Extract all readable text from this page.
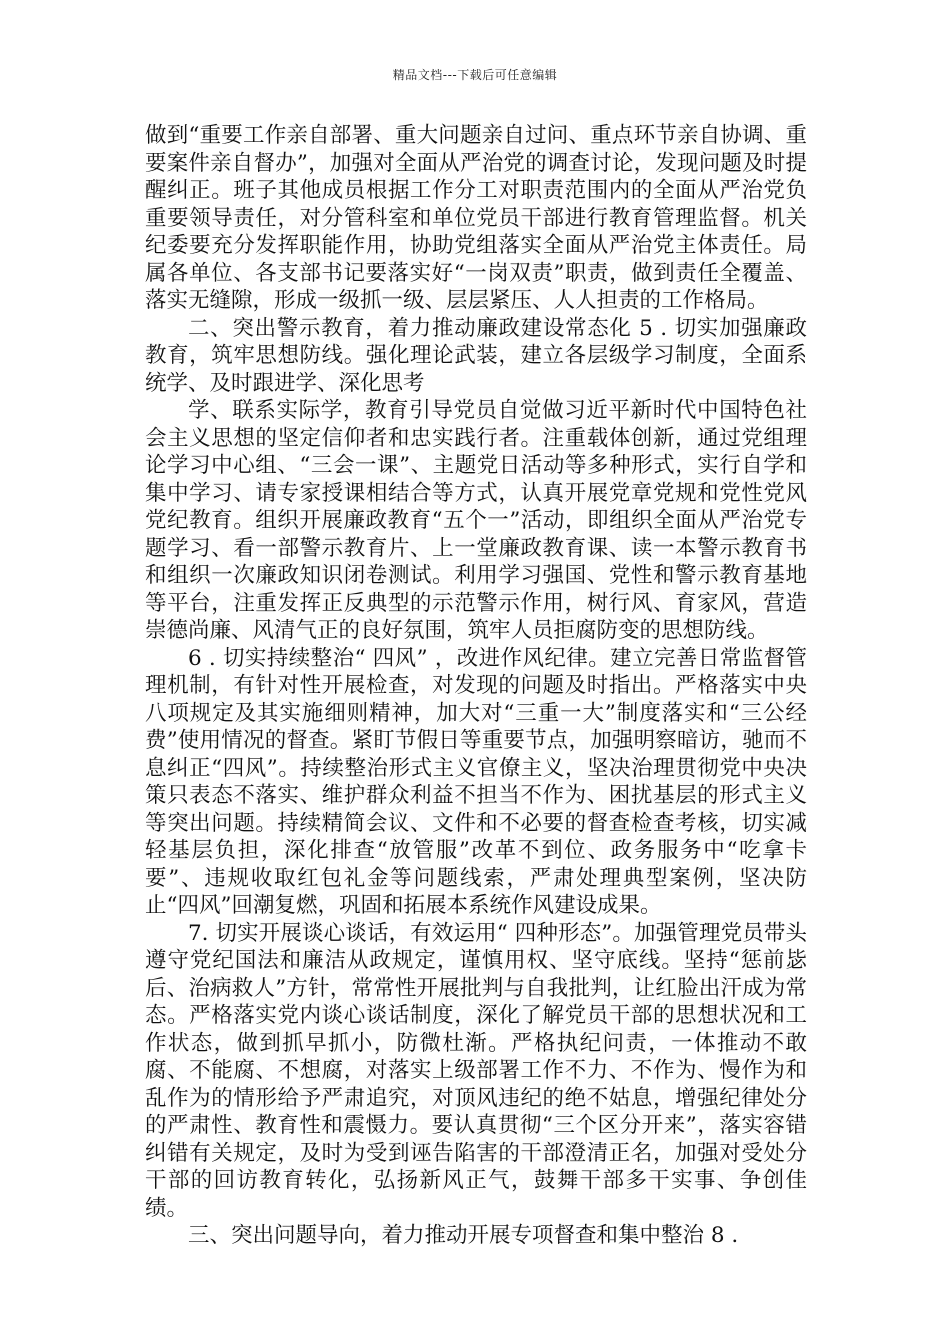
精品文档---下载后可任意编辑

做到“重要工作亲自部署、重大问题亲自过问、重点环节亲自协调、重要案件亲自督办”，加强对全面从严治党的调查讨论，发现问题及时提醒纠正。班子其他成员根据工作分工对职责范围内的全面从严治党负重要领导责任，对分管科室和单位党员干部进行教育管理监督。机关纪委要充分发挥职能作用，协助党组落实全面从严治党主体责任。局属各单位、各支部书记要落实好“一岗双责”职责，做到责任全覆盖、落实无缝隙，形成一级抓一级、层层紧压、人人担责的工作格局。

二、突出警示教育，着力推动廉政建设常态化 5 . 切实加强廉政教育，筑牢思想防线。强化理论武装，建立各层级学习制度，全面系统学、及时跟进学、深化思考

学、联系实际学，教育引导党员自觉做习近平新时代中国特色社会主义思想的坚定信仰者和忠实践行者。注重载体创新，通过党组理论学习中心组、“三会一课”、主题党日活动等多种形式，实行自学和集中学习、请专家授课相结合等方式，认真开展党章党规和党性党风党纪教育。组织开展廉政教育“五个一”活动，即组织全面从严治党专题学习、看一部警示教育片、上一堂廉政教育课、读一本警示教育书和组织一次廉政知识闭卷测试。利用学习强国、党性和警示教育基地等平台，注重发挥正反典型的示范警示作用，树行风、育家风，营造崇德尚廉、风清气正的良好氛围，筑牢人员拒腐防变的思想防线。

6 . 切实持续整治“ 四风” ，改进作风纪律。建立完善日常监督管理机制，有针对性开展检查，对发现的问题及时指出。严格落实中央八项规定及其实施细则精神，加大对“三重一大”制度落实和“三公经费”使用情况的督查。紧盯节假日等重要节点，加强明察暗访，驰而不息纠正“四风”。持续整治形式主义官僚主义，坚决治理贯彻党中央决策只表态不落实、维护群众利益不担当不作为、困扰基层的形式主义等突出问题。持续精简会议、文件和不必要的督查检查考核，切实减轻基层负担，深化排查“放管服”改革不到位、政务服务中“吃拿卡要”、违规收取红包礼金等问题线索，严肃处理典型案例，坚决防止“四风”回潮复燃，巩固和拓展本系统作风建设成果。

7. 切实开展谈心谈话，有效运用“ 四种形态”。加强管理党员带头遵守党纪国法和廉洁从政规定，谨慎用权、坚守底线。坚持“惩前毖后、治病救人”方针，常常性开展批判与自我批判，让红脸出汗成为常态。严格落实党内谈心谈话制度，深化了解党员干部的思想状况和工作状态，做到抓早抓小，防微杜渐。严格执纪问责，一体推动不敢腐、不能腐、不想腐，对落实上级部署工作不力、不作为、慢作为和乱作为的情形给予严肃追究，对顶风违纪的绝不姑息，增强纪律处分的严肃性、教育性和震慑力。要认真贯彻“三个区分开来”，落实容错纠错有关规定，及时为受到诬告陷害的干部澄清正名，加强对受处分干部的回访教育转化，弘扬新风正气，鼓舞干部多干实事、争创佳绩。

三、突出问题导向，着力推动开展专项督查和集中整治 8 .
